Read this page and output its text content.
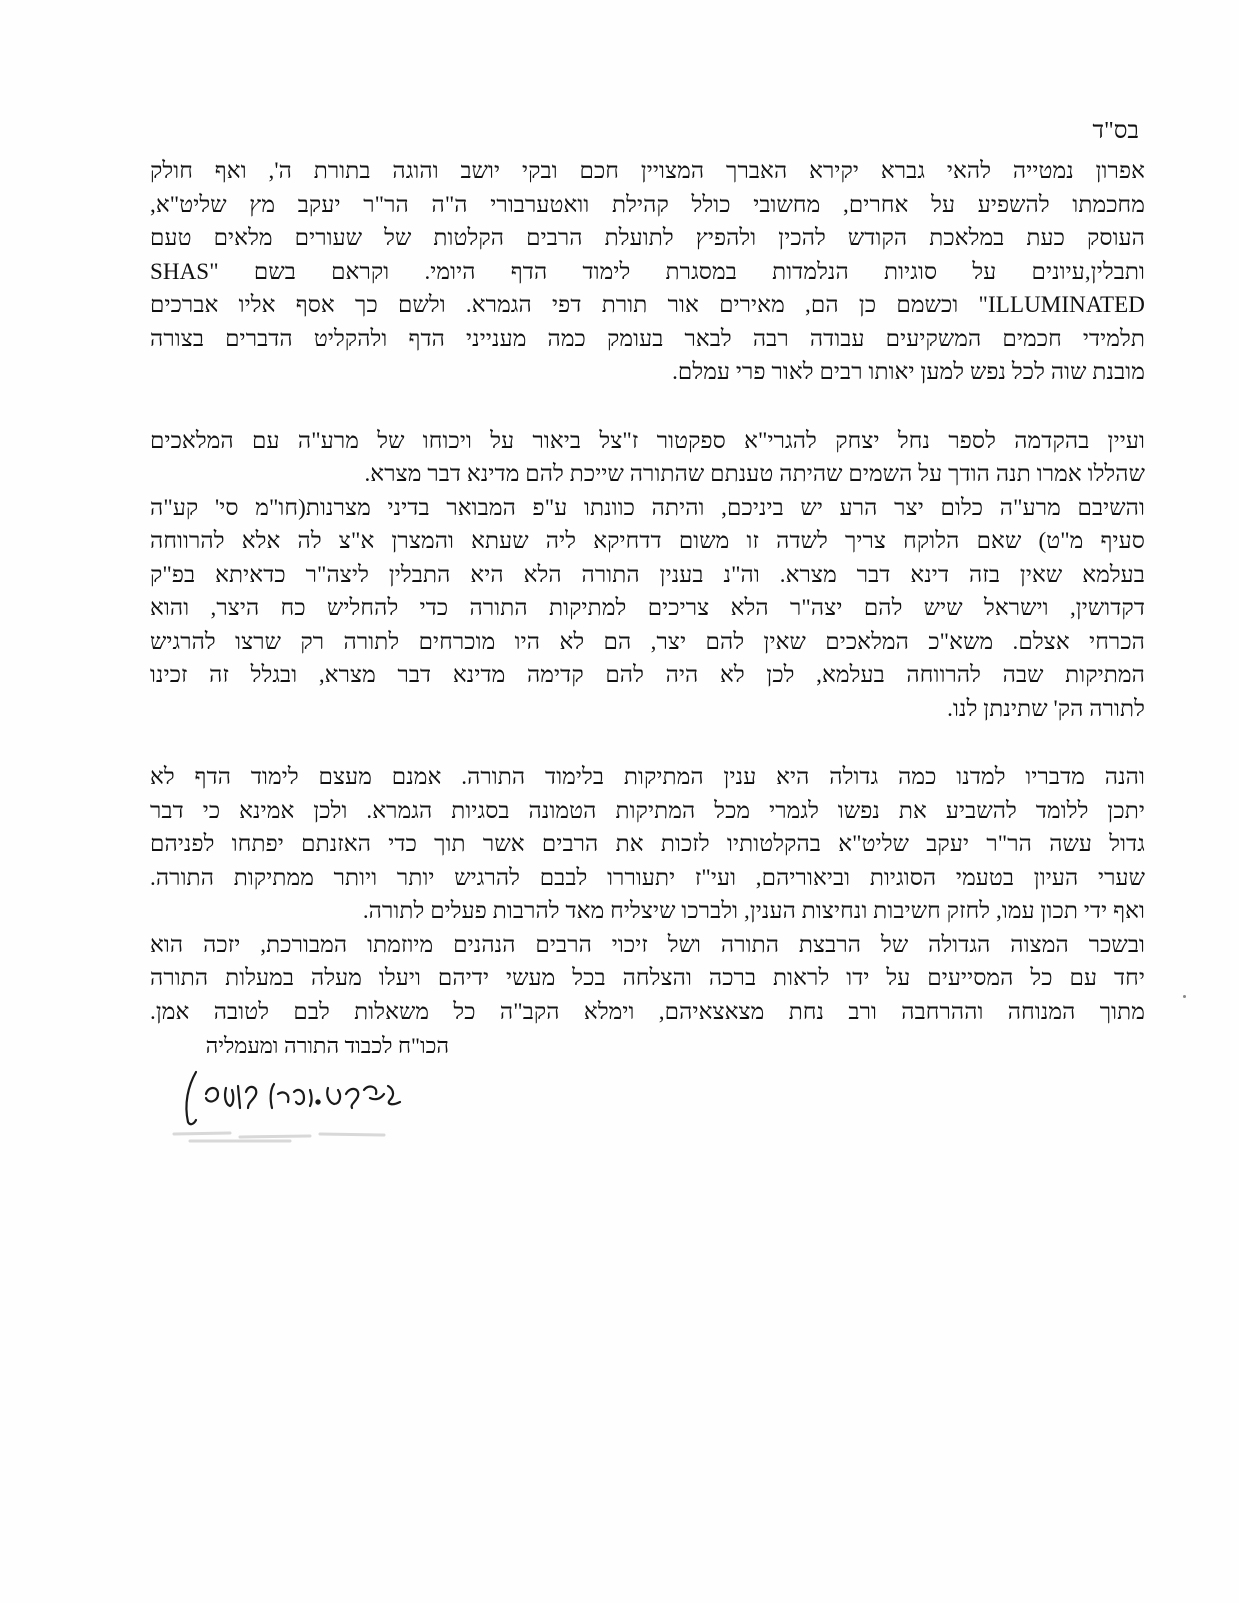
בס"ד
אפרון נמטייה להאי גברא יקירא האברך המצויין חכם ובקי יושב והוגה בתורת ה', ואף חולק
מחכמתו להשפיע על אחרים, מחשובי כולל קהילת וואטערבורי ה"ה הר"ר יעקב מץ שליט"א,
העוסק כעת במלאכת הקודש להכין ולהפיץ לתועלת הרבים הקלטות של שעורים מלאים טעם
ותבלין,עיונים על סוגיות הנלמדות במסגרת לימוד הדף היומי. וקראם בשם "SHAS
ILLUMINATED" וכשמם כן הם, מאירים אור תורת דפי הגמרא. ולשם כך אסף אליו אברכים
תלמידי חכמים המשקיעים עבודה רבה לבאר בעומק כמה מענייני הדף ולהקליט הדברים בצורה
מובנת שוה לכל נפש למען יאותו רבים לאור פרי עמלם.
ועיין בהקדמה לספר נחל יצחק להגרי"א ספקטור ז"צל ביאור על ויכוחו של מרע"ה עם המלאכים
שהללו אמרו תנה הודך על השמים שהיתה טענתם שהתורה שייכת להם מדינא דבר מצרא.
והשיבם מרע"ה כלום יצר הרע יש ביניכם, והיתה כוונתו ע"פ המבואר בדיני מצרנות(חו"מ סי' קע"ה
סעיף מ"ט) שאם הלוקח צריך לשדה זו משום דדחיקא ליה שעתא והמצרן א"צ לה אלא להרווחה
בעלמא שאין בזה דינא דבר מצרא. וה"נ בענין התורה הלא היא התבלין ליצה"ר כדאיתא בפ"ק
דקדושין, וישראל שיש להם יצה"ר הלא צריכים למתיקות התורה כדי להחליש כח היצר, והוא
הכרחי אצלם. משא"כ המלאכים שאין להם יצר, הם לא היו מוכרחים לתורה רק שרצו להרגיש
המתיקות שבה להרווחה בעלמא, לכן לא היה להם קדימה מדינא דבר מצרא, ובגלל זה זכינו
לתורה הק' שתינתן לנו.
והנה מדבריו למדנו כמה גדולה היא ענין המתיקות בלימוד התורה. אמנם מעצם לימוד הדף לא
יתכן ללומד להשביע את נפשו לגמרי מכל המתיקות הטמונה בסגיות הגמרא. ולכן אמינא כי דבר
גדול עשה הר"ר יעקב שליט"א בהקלטותיו לזכות את הרבים אשר תוך כדי האזנתם יפתחו לפניהם
שערי העיון בטעמי הסוגיות וביאוריהם, ועי"ז יתעוררו לבבם להרגיש יותר ויותר ממתיקות התורה.
ואף ידי תכון עמו, לחזק חשיבות ונחיצות הענין, ולברכו שיצליח מאד להרבות פעלים לתורה.
ובשכר המצוה הגדולה של הרבצת התורה ושל זיכוי הרבים הנהנים מיוזמתו המבורכת, יזכה הוא
יחד עם כל המסייעים על ידו לראות ברכה והצלחה בכל מעשי ידיהם ויעלו מעלה במעלות התורה
מתוך המנוחה וההרחבה ורב נחת מצאצאיהם, וימלא הקב"ה כל משאלות לבם לטובה אמן.
הכו"ח לכבוד התורה ומעמליה
